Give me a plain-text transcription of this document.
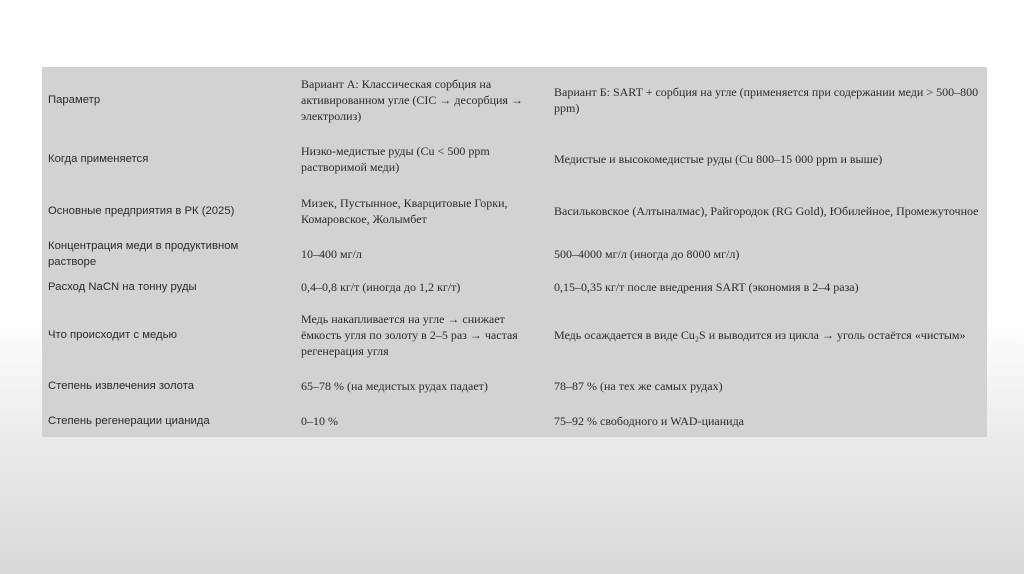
Параметр	Вариант А: Классическая сорбция на активированном угле (CIC → десорбция → электролиз)	Вариант Б: SART + сорбция на угле (применяется при содержании меди > 500–800 ppm)
Когда применяется	Низко-медистые руды (Cu < 500 ppm растворимой меди)	Медистые и высокомедистые руды (Cu 800–15 000 ppm и выше)
Основные предприятия в РК (2025)	Мизек, Пустынное, Кварцитовые Горки, Комаровское, Жолымбет	Васильковское (Алтыналмас), Райгородок (RG Gold), Юбилейное, Промежуточное
Концентрация меди в продуктивном растворе	10–400 мг/л	500–4000 мг/л (иногда до 8000 мг/л)
Расход NaCN на тонну руды	0,4–0,8 кг/т (иногда до 1,2 кг/т)	0,15–0,35 кг/т после внедрения SART (экономия в 2–4 раза)
Что происходит с медью	Медь накапливается на угле → снижает ёмкость угля по золоту в 2–5 раз → частая регенерация угля	Медь осаждается в виде Cu₂S и выводится из цикла → уголь остаётся «чистым»
Степень извлечения золота	65–78 % (на медистых рудах падает)	78–87 % (на тех же самых рудах)
Степень регенерации цианида	0–10 %	75–92 % свободного и WAD-цианида
